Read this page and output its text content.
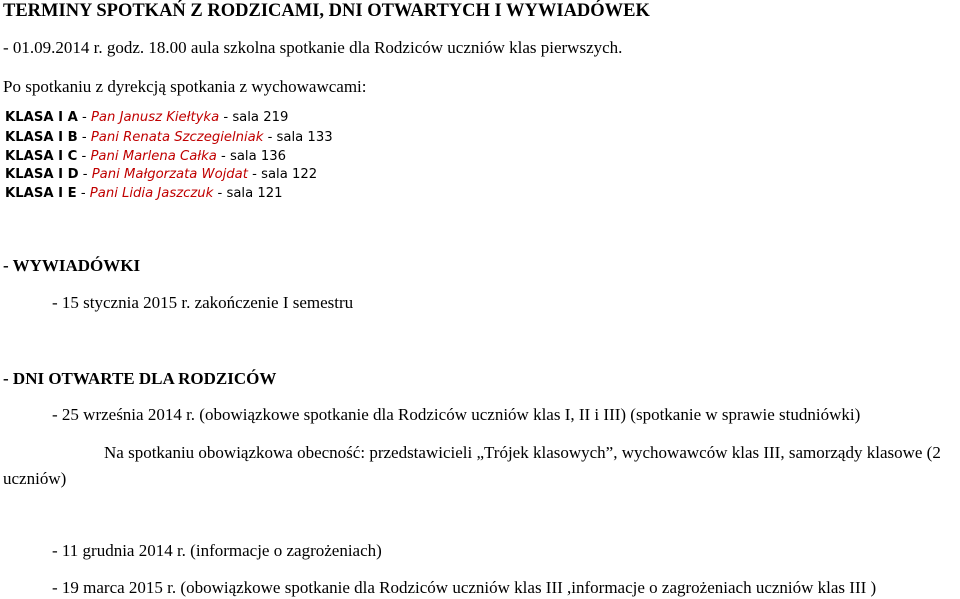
TERMINY SPOTKAŃ Z RODZICAMI, DNI OTWARTYCH I WYWIADÓWEK
- 01.09.2014 r. godz. 18.00 aula szkolna spotkanie dla Rodziców uczniów klas pierwszych.
Po spotkaniu z dyrekcją spotkania z wychowawcami:
KLASA I A - Pan Janusz Kiełtyka - sala 219
KLASA I B - Pani Renata Szczegielniak - sala 133
KLASA I C - Pani Marlena Całka - sala 136
KLASA I D - Pani Małgorzata Wojdat - sala 122
KLASA I E - Pani Lidia Jaszczuk - sala 121
- WYWIADÓWKI
- 15 stycznia 2015 r. zakończenie I semestru
- DNI OTWARTE DLA RODZICÓW
- 25 września 2014 r. (obowiązkowe spotkanie dla Rodziców uczniów klas I, II i III) (spotkanie w sprawie studniówki)
Na spotkaniu obowiązkowa obecność: przedstawicieli „Trójek klasowych”, wychowawców klas III, samorządy klasowe (2
uczniów)
- 11 grudnia 2014 r. (informacje o zagrożeniach)
- 19 marca 2015 r. (obowiązkowe spotkanie dla Rodziców uczniów klas III ,informacje o zagrożeniach uczniów klas III )
